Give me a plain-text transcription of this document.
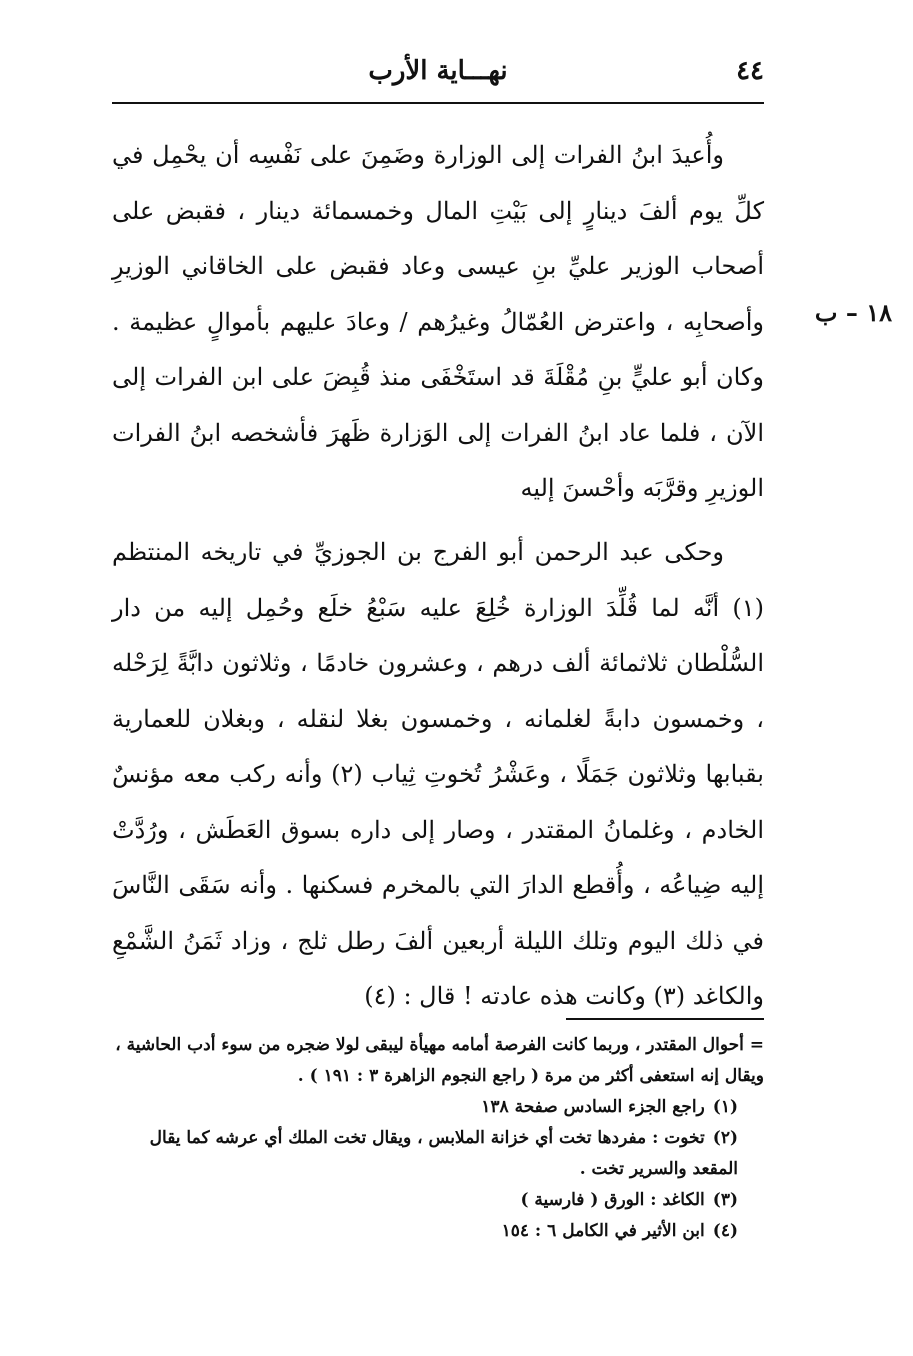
٤٤
نهـــاية الأرب

وأُعيدَ ابنُ الفرات إلى الوزارة وضَمِنَ على نَفْسِه أن يحْمِل في كلِّ يوم ألفَ دينارٍ إلى بَيْتِ المال وخمسمائة دينار ، فقبض على أصحاب الوزير عليِّ بنِ عيسى وعاد فقبض على الخاقاني الوزيرِ وأصحابِه ، واعترض العُمّالُ وغيرُهم / وعادَ عليهم بأموالٍ عظيمة . وكان أبو عليٍّ بنِ مُقْلَةَ قد استَخْفَى منذ قُبِضَ على ابن الفرات إلى الآن ، فلما عاد ابنُ الفرات إلى الوَزارة ظَهرَ فأشخصه ابنُ الفرات الوزيرِ وقرَّبَه وأحْسنَ إليه

١٨ – ب

وحكى عبد الرحمن أبو الفرج بن الجوزيِّ في تاريخه المنتظم (١) أنَّه لما قُلِّدَ الوزارة خُلِعَ عليه سَبْعُ خلَع وحُمِل إليه من دار السُّلْطان ثلاثمائة ألف درهم ، وعشرون خادمًا ، وثلاثون دابَّةً لِرَحْله ، وخمسون دابةً لغلمانه ، وخمسون بغلا لنقله ، وبغلان للعمارية بقبابها وثلاثون جَمَلًا ، وعَشْرُ تُخوتِ ثِياب (٢) وأنه ركب معه مؤنسٌ الخادم ، وغلمانُ المقتدر ، وصار إلى داره بسوق العَطَش ، ورُدَّتْ إليه ضِياعُه ، وأُقطع الدارَ التي بالمخرم فسكنها . وأنه سَقَى النَّاسَ في ذلك اليوم وتلك الليلة أربعين ألفَ رطل ثلج ، وزاد ثَمَنُ الشَّمْعِ والكاغد (٣) وكانت هذه عادته ! قال : (٤)

= أحوال المقتدر ، وربما كانت الفرصة أمامه مهيأة ليبقى لولا ضجره من سوء أدب الحاشية ، ويقال إنه استعفى أكثر من مرة ( راجع النجوم الزاهرة ٣ : ١٩١ ) .

(١)راجع الجزء السادس صفحة ١٣٨

(٢)تخوت : مفردها تخت أي خزانة الملابس ، ويقال تخت الملك أي عرشه كما يقال المقعد والسرير تخت .

(٣)الكاغد : الورق ( فارسية )

(٤)ابن الأثير في الكامل ٦ : ١٥٤
